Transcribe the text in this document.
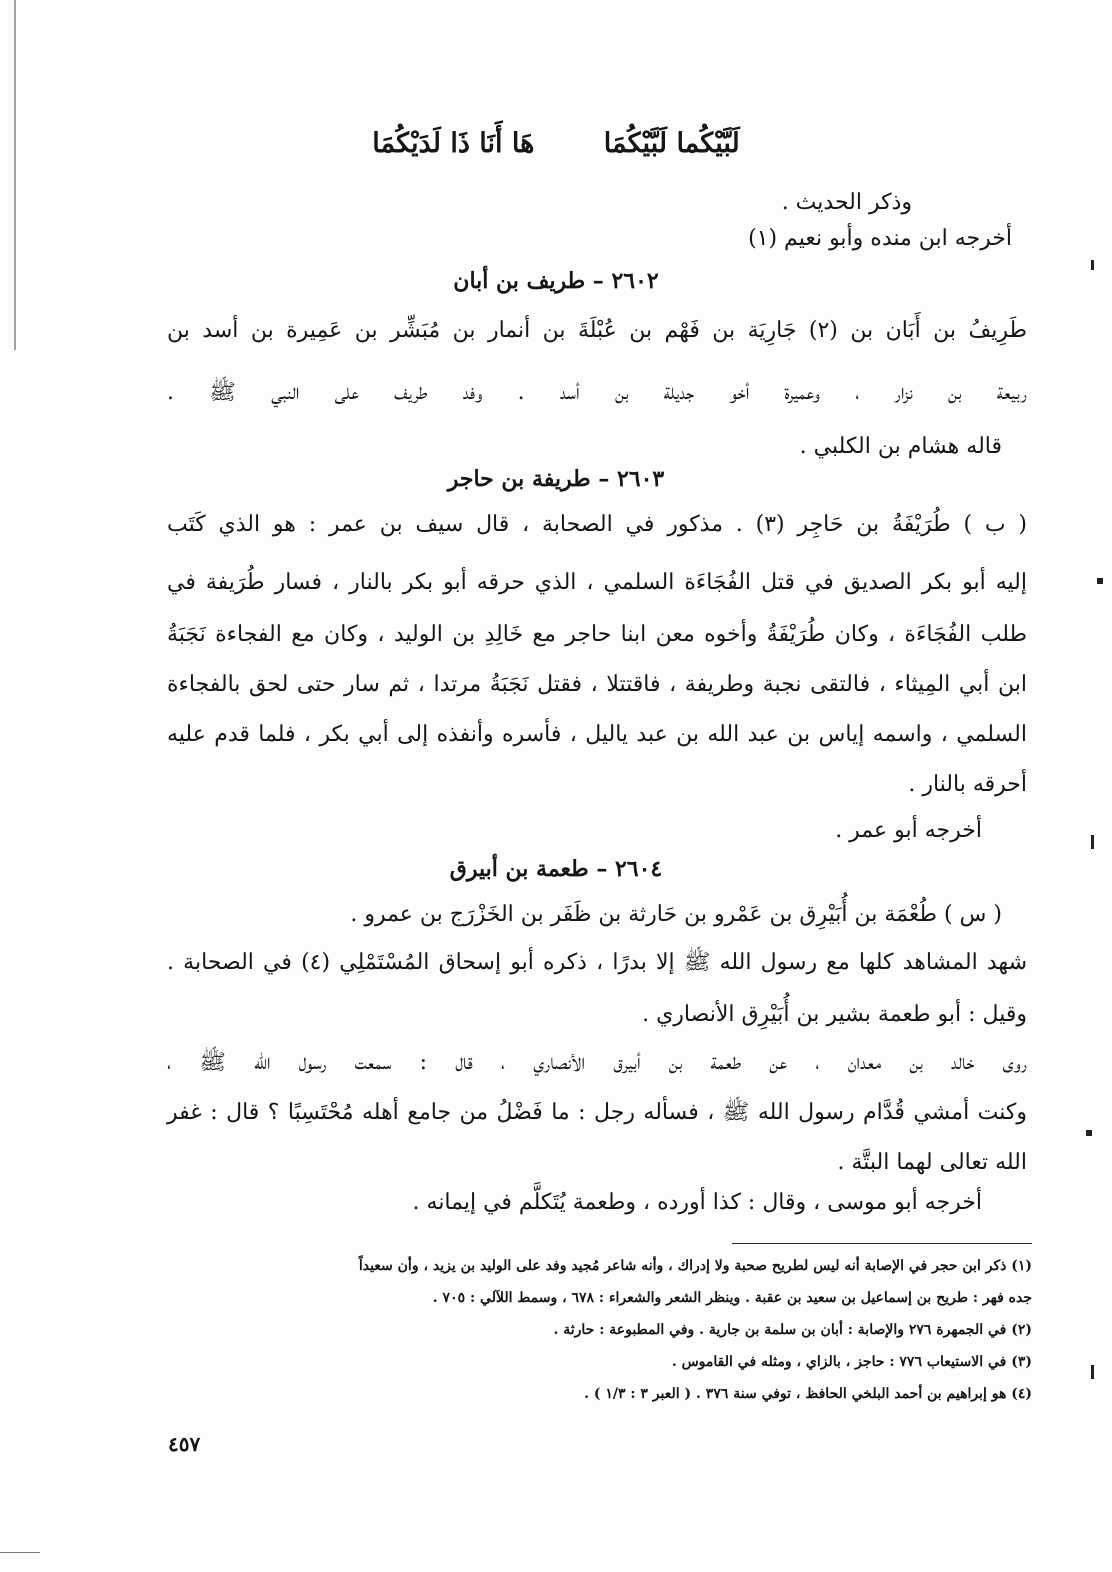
لَبَّيْكُما لَبَّيْكُمَا هَا أَنَا ذَا لَدَيْكُمَا
وذكر الحديث .
أخرجه ابن منده وأبو نعيم (١)
٢٦٠٢ – طريف بن أبان
طَرِيفُ بن أَبَان بن (٢) جَارِيَة بن فَهْم بن عُبْلَةَ بن أنمار بن مُبَشِّر بن عَمِيرة بن أسد بن
ربيعة بن نزار ، وعميرة أخو جديلة بن أسد . وفد طريف على النبي ﷺ .
قاله هشام بن الكلبي .
٢٦٠٣ – طريفة بن حاجر
( ب ) طُرَيْفَةُ بن حَاجِر (٣) . مذكور في الصحابة ، قال سيف بن عمر : هو الذي كَتَب
إليه أبو بكر الصديق في قتل الفُجَاءَة السلمي ، الذي حرقه أبو بكر بالنار ، فسار طُرَيفة في
طلب الفُجَاءَة ، وكان طُرَيْفَةُ وأخوه معن ابنا حاجر مع خَالِدِ بن الوليد ، وكان مع الفجاءة نَجَبَةُ
ابن أبي المِيثاء ، فالتقى نجبة وطريفة ، فاقتتلا ، فقتل نَجَبَةُ مرتدا ، ثم سار حتى لحق بالفجاءة
السلمي ، واسمه إياس بن عبد الله بن عبد ياليل ، فأسره وأنفذه إلى أبي بكر ، فلما قدم عليه
أحرقه بالنار .
أخرجه أبو عمر .
٢٦٠٤ – طعمة بن أبيرق
( س ) طُعْمَة بن أُبَيْرِق بن عَمْرو بن حَارثة بن ظَفَر بن الخَزْرَج بن عمرو .
شهد المشاهد كلها مع رسول الله ﷺ إلا بدرًا ، ذكره أبو إسحاق المُسْتَمْلِي (٤) في الصحابة .
وقيل : أبو طعمة بشير بن أُبَيْرِق الأنصاري .
روى خالد بن معدان ، عن طعمة بن أبيرق الأنصاري ، قال : سمعت رسول الله ﷺ ،
وكنت أمشي قُدَّام رسول الله ﷺ ، فسأله رجل : ما فَضْلُ من جامع أهله مُحْتَسِبًا ؟ قال : غفر
الله تعالى لهما البتَّة .
أخرجه أبو موسى ، وقال : كذا أورده ، وطعمة يُتَكلَّم في إيمانه .
(١) ذكر ابن حجر في الإصابة أنه ليس لطريح صحبة ولا إدراك ، وأنه شاعر مُجيد وفد على الوليد بن يزيد ، وأن سعيداً
جده فهر : طريح بن إسماعيل بن سعيد بن عقبة . وينظر الشعر والشعراء : ٦٧٨ ، وسمط اللآلي : ٧٠٥ .
(٢) في الجمهرة ٢٧٦ والإصابة : أبان بن سلمة بن جارية . وفي المطبوعة : حارثة .
(٣) في الاستيعاب ٧٧٦ : حاجز ، بالزاي ، ومثله في القاموس .
(٤) هو إبراهيم بن أحمد البلخي الحافظ ، توفي سنة ٣٧٦ . ( العبر ٣ : ١/٣ ) .
٤٥٧
